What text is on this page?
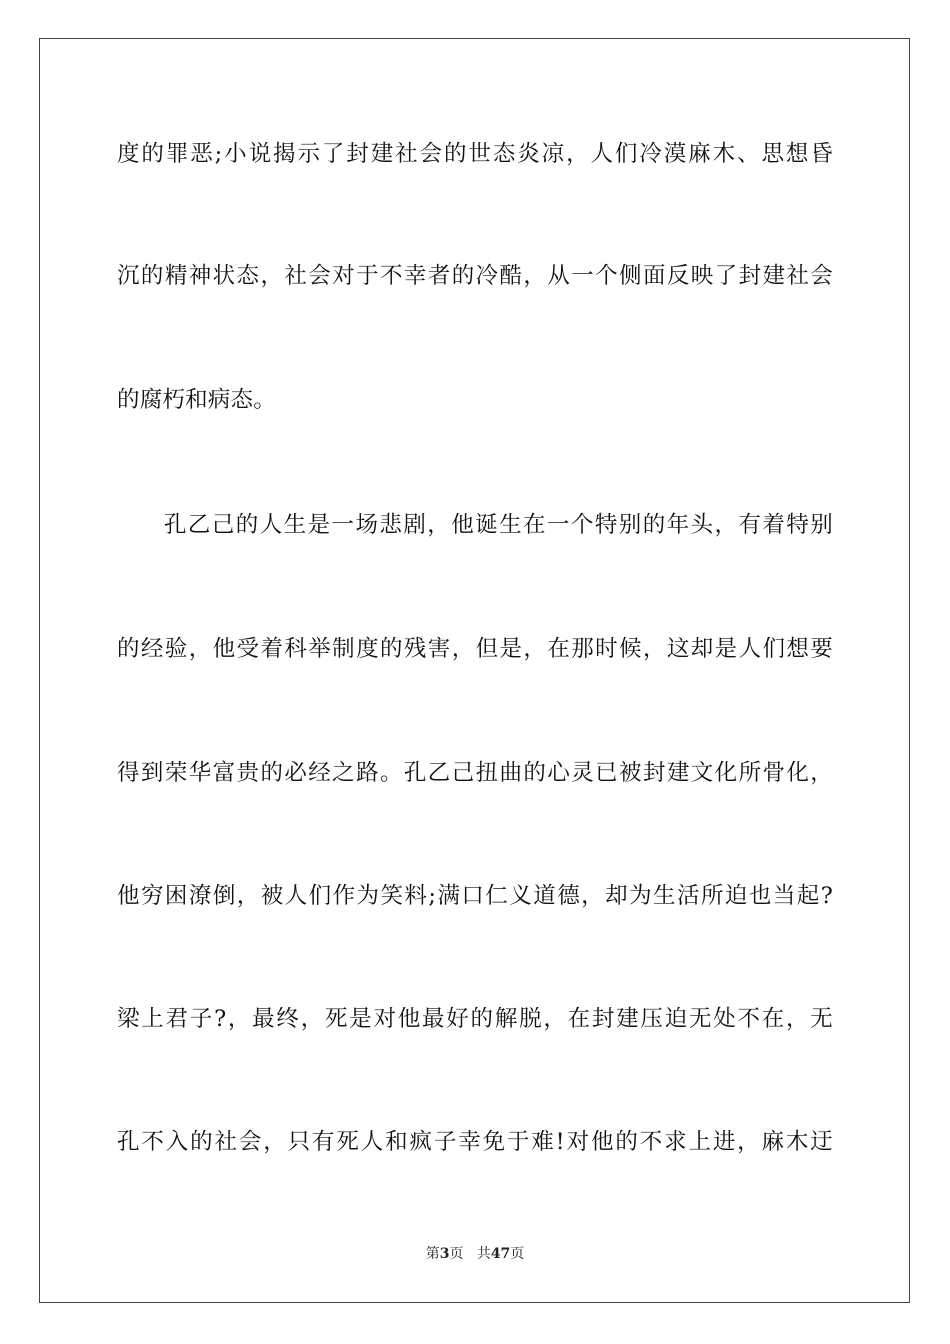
度的罪恶;小说揭示了封建社会的世态炎凉，人们冷漠麻木、思想昏
沉的精神状态，社会对于不幸者的冷酷，从一个侧面反映了封建社会
的腐朽和病态。
孔乙己的人生是一场悲剧，他诞生在一个特别的年头，有着特别
的经验，他受着科举制度的残害，但是，在那时候，这却是人们想要
得到荣华富贵的必经之路。孔乙己扭曲的心灵已被封建文化所骨化，
他穷困潦倒，被人们作为笑料;满口仁义道德，却为生活所迫也当起?
梁上君子?，最终，死是对他最好的解脱，在封建压迫无处不在，无
孔不入的社会，只有死人和疯子幸免于难!对他的不求上进，麻木迂
第3页 共47页
